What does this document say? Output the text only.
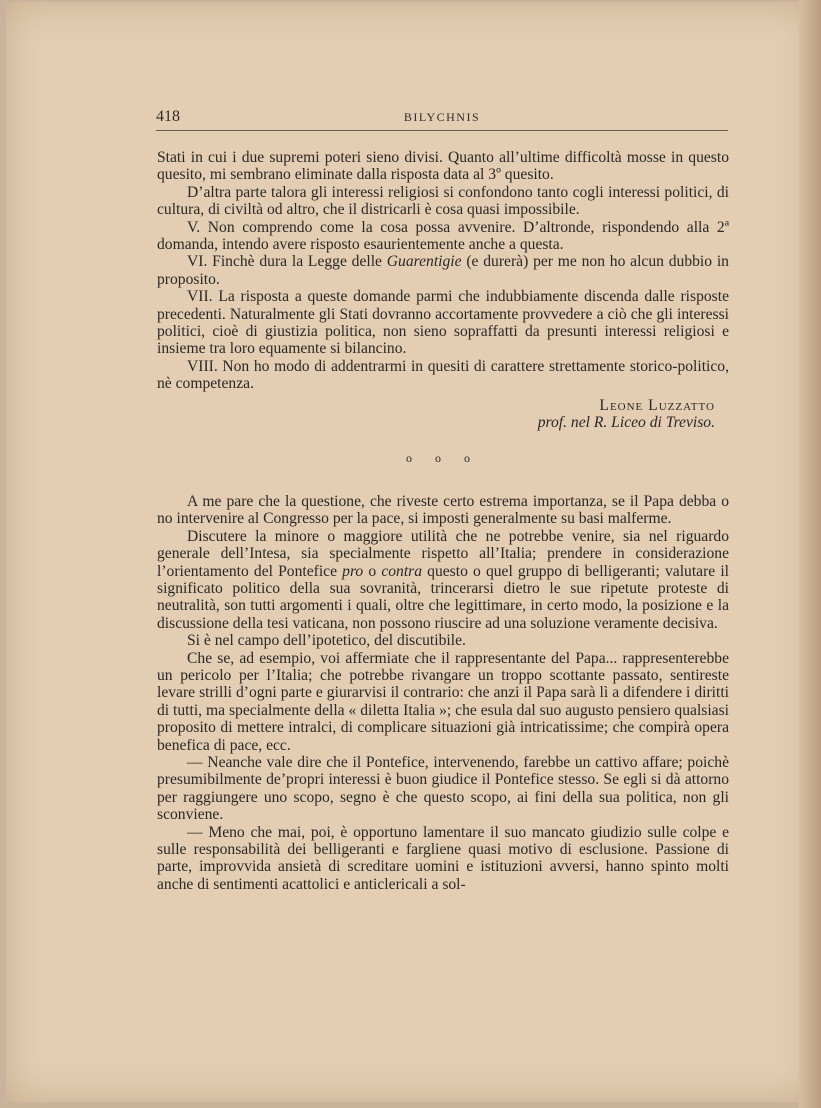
418	BILYCHNIS

Stati in cui i due supremi poteri sieno divisi. Quanto all’ultime difficoltà mosse in questo quesito, mi sembrano eliminate dalla risposta data al 3º quesito.

D’altra parte talora gli interessi religiosi si confondono tanto cogli interessi politici, di cultura, di civiltà od altro, che il districarli è cosa quasi impossibile.

V. Non comprendo come la cosa possa avvenire. D’altronde, rispondendo alla 2ª domanda, intendo avere risposto esaurientemente anche a questa.

VI. Finchè dura la Legge delle Guarentigie (e durerà) per me non ho alcun dubbio in proposito.

VII. La risposta a queste domande parmi che indubbiamente discenda dalle risposte precedenti. Naturalmente gli Stati dovranno accortamente provvedere a ciò che gli interessi politici, cioè di giustizia politica, non sieno sopraffatti da presunti interessi religiosi e insieme tra loro equamente si bilancino.

VIII. Non ho modo di addentrarmi in quesiti di carattere strettamente storico-politico, nè competenza.

Leone Luzzatto
prof. nel R. Liceo di Treviso.
o o o

A me pare che la questione, che riveste certo estrema importanza, se il Papa debba o no intervenire al Congresso per la pace, si imposti generalmente su basi malferme.

Discutere la minore o maggiore utilità che ne potrebbe venire, sia nel riguardo generale dell’Intesa, sia specialmente rispetto all’Italia; prendere in considerazione l’orientamento del Pontefice pro o contra questo o quel gruppo di belligeranti; valutare il significato politico della sua sovranità, trincerarsi dietro le sue ripetute proteste di neutralità, son tutti argomenti i quali, oltre che legittimare, in certo modo, la posizione e la discussione della tesi vaticana, non possono riuscire ad una soluzione veramente decisiva.

Si è nel campo dell’ipotetico, del discutibile.

Che se, ad esempio, voi affermiate che il rappresentante del Papa... rappresenterebbe un pericolo per l’Italia; che potrebbe rivangare un troppo scottante passato, sentireste levare strilli d’ogni parte e giurarvisi il contrario: che anzi il Papa sarà lì a difendere i diritti di tutti, ma specialmente della « diletta Italia »; che esula dal suo augusto pensiero qualsiasi proposito di mettere intralci, di complicare situazioni già intricatissime; che compirà opera benefica di pace, ecc.

— Neanche vale dire che il Pontefice, intervenendo, farebbe un cattivo affare; poichè presumibilmente de’propri interessi è buon giudice il Pontefice stesso. Se egli si dà attorno per raggiungere uno scopo, segno è che questo scopo, ai fini della sua politica, non gli sconviene.

— Meno che mai, poi, è opportuno lamentare il suo mancato giudizio sulle colpe e sulle responsabilità dei belligeranti e fargliene quasi motivo di esclusione. Passione di parte, improvvida ansietà di screditare uomini e istituzioni avversi, hanno spinto molti anche di sentimenti acattolici e anticlericali a sol-
